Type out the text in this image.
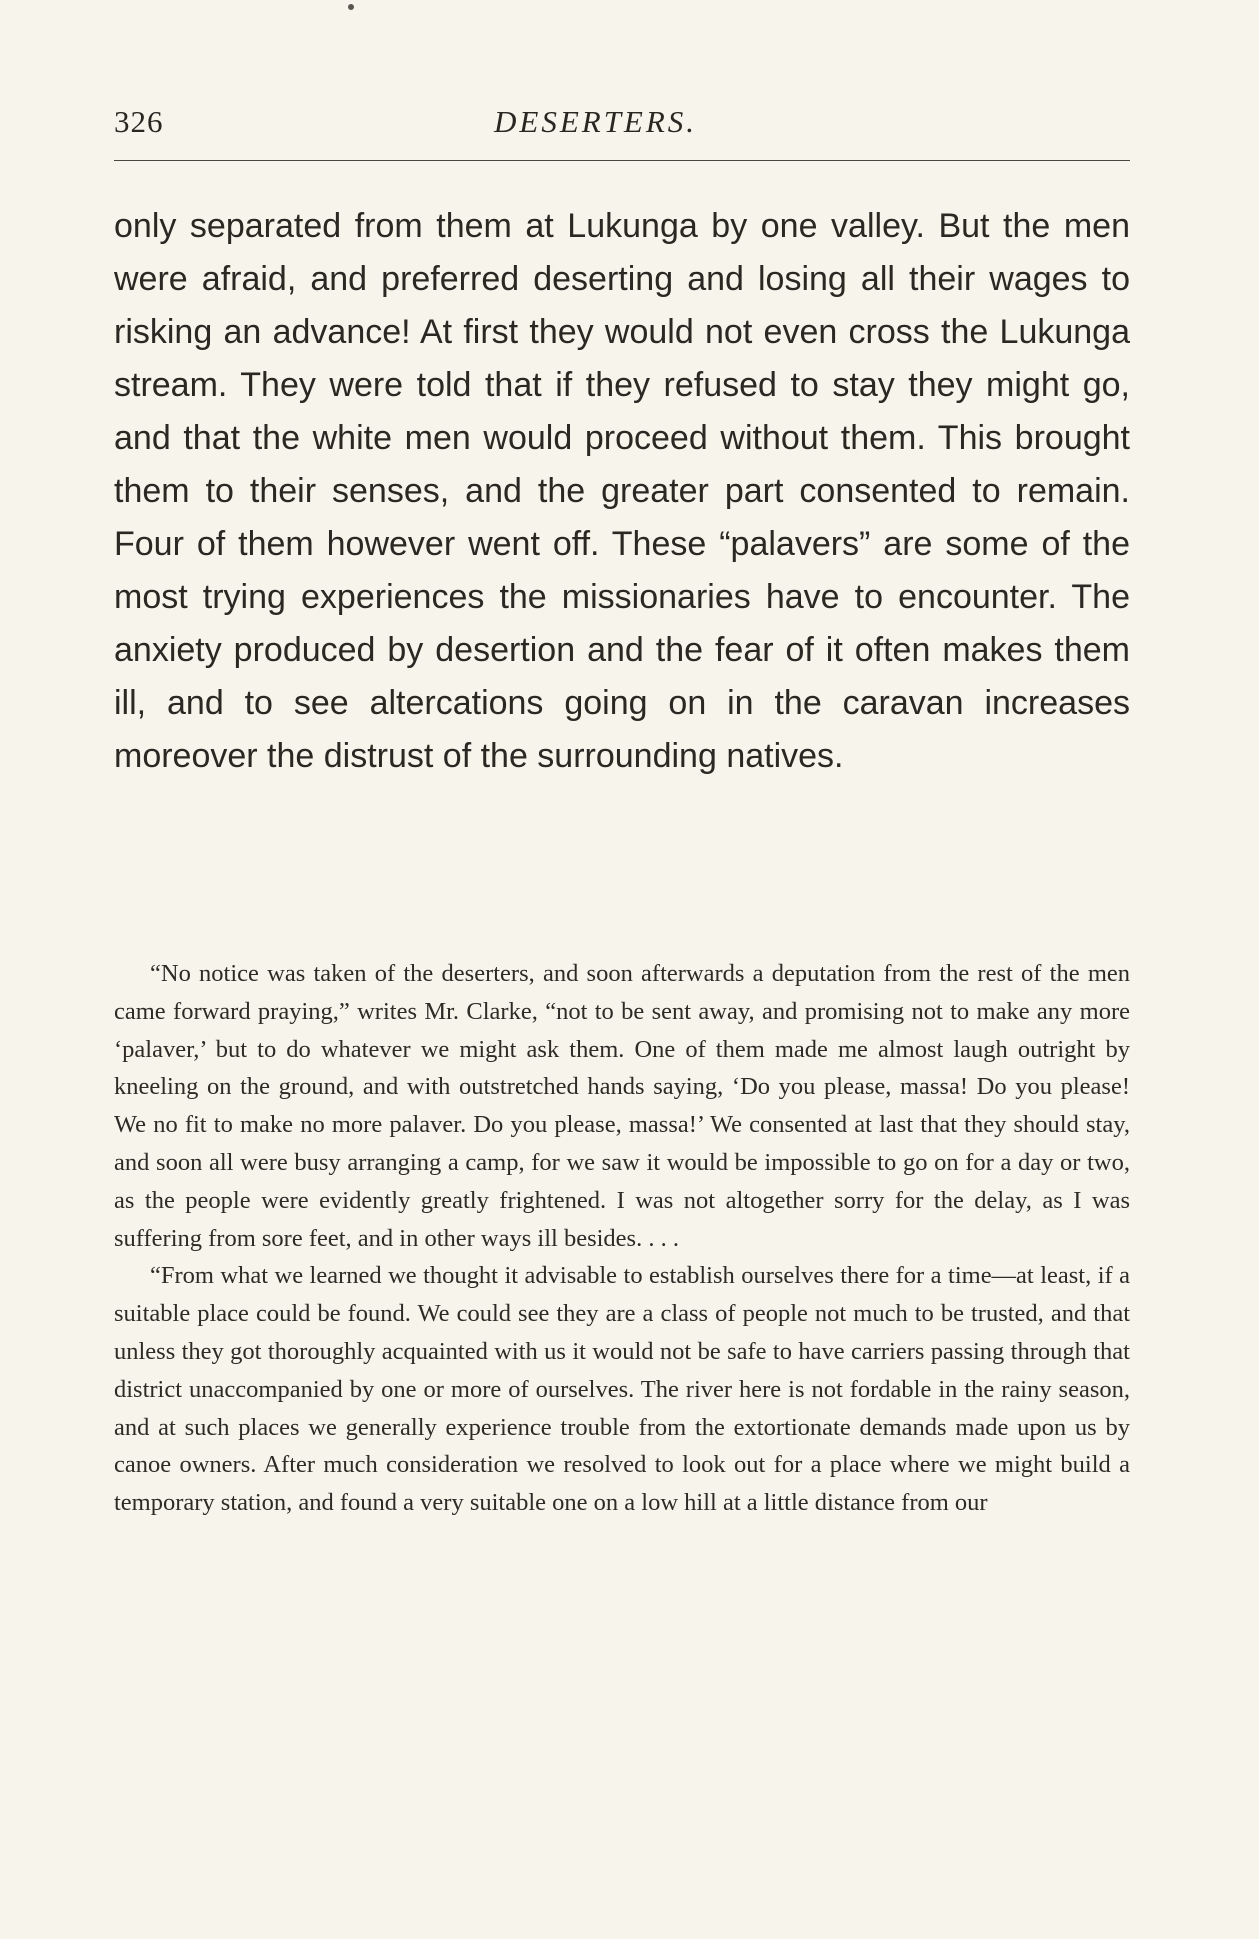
326	DESERTERS.

only separated from them at Lukunga by one valley. But the men were afraid, and preferred deserting and losing all their wages to risking an advance! At first they would not even cross the Lukunga stream. They were told that if they refused to stay they might go, and that the white men would proceed without them. This brought them to their senses, and the greater part consented to remain. Four of them however went off. These “palavers” are some of the most trying experiences the missionaries have to encounter. The anxiety produced by desertion and the fear of it often makes them ill, and to see altercations going on in the caravan increases moreover the distrust of the surrounding natives.

“No notice was taken of the deserters, and soon afterwards a deputation from the rest of the men came forward praying,” writes Mr. Clarke, “not to be sent away, and promising not to make any more ‘palaver,’ but to do whatever we might ask them. One of them made me almost laugh outright by kneeling on the ground, and with outstretched hands saying, ‘Do you please, massa! Do you please! We no fit to make no more palaver. Do you please, massa!’ We consented at last that they should stay, and soon all were busy arranging a camp, for we saw it would be impossible to go on for a day or two, as the people were evidently greatly frightened. I was not altogether sorry for the delay, as I was suffering from sore feet, and in other ways ill besides. . . .

“From what we learned we thought it advisable to establish ourselves there for a time—at least, if a suitable place could be found. We could see they are a class of people not much to be trusted, and that unless they got thoroughly acquainted with us it would not be safe to have carriers passing through that district unaccompanied by one or more of ourselves. The river here is not fordable in the rainy season, and at such places we generally experience trouble from the extortionate demands made upon us by canoe owners. After much consideration we resolved to look out for a place where we might build a temporary station, and found a very suitable one on a low hill at a little distance from our
